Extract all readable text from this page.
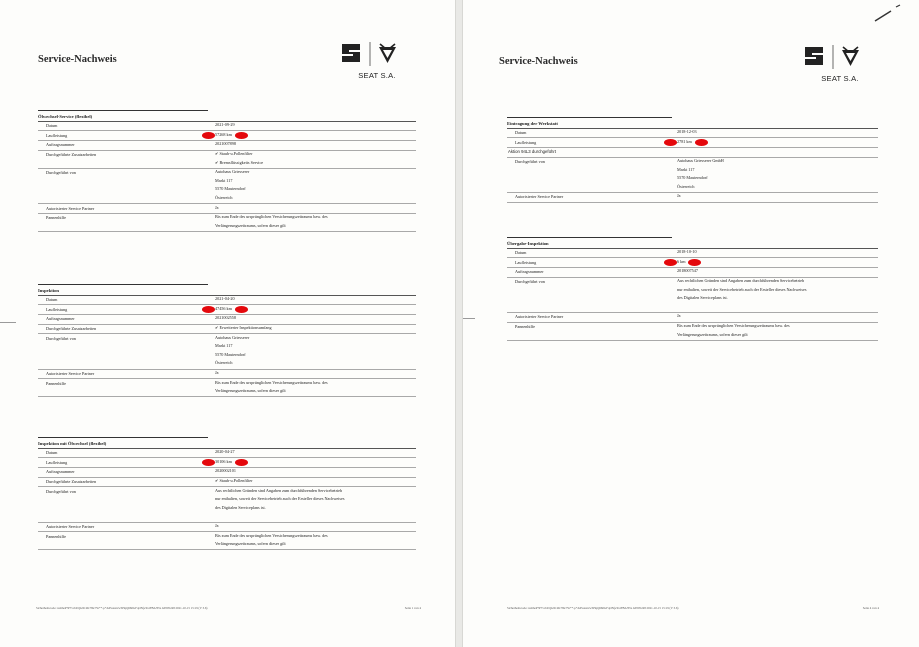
Service-Nachweis
SEAT S.A.
Ölwechsel-Service (flexibel)
Datum	2021-09-29
Laufleistung	57268 km
Auftragsnummer	2021007898
Durchgeführte Zusatzarbeiten	✔ Staub-u.Pollenfilter
✔ Bremsflüssigkeits Service
Durchgeführt von	Autohaus Griesserer
Markt 117
5570 Mauterndorf
Österreich
Autorisierter Service Partner	Ja
Pannenhilfe	Bis zum Ende des ursprünglichen Versicherungszeitraums bzw. des
Verlängerungszeitraums, sofern dieser gilt
Inspektion
Datum	2021-04-20
Laufleistung	47456 km
Auftragsnummer	2021002558
Durchgeführte Zusatzarbeiten	✔ Erweiterter Inspektionsumfang
Durchgeführt von	Autohaus Griesserer
Markt 117
5570 Mauterndorf
Österreich
Autorisierter Service Partner	Ja
Pannenhilfe	Bis zum Ende des ursprünglichen Versicherungszeitraums bzw. des
Verlängerungszeitraums, sofern dieser gilt
Inspektion mit Ölwechsel (flexibel)
Datum	2020-04-27
Laufleistung	30106 km
Auftragsnummer	2020002101
Durchgeführte Zusatzarbeiten	✔ Staub-u.Pollenfilter
Durchgeführt von	Aus rechtlichen Gründen sind Angaben zum durchführenden Servicebetrieb
nur enthalten, soweit der Servicebetrieb auch der Ersteller dieses Nachweises
des Digitalen Serviceplans ist.
Autorisierter Service Partner	Ja
Pannenhilfe	Bis zum Ende des ursprünglichen Versicherungszeitraums bzw. des
Verlängerungszeitraums, sofern dieser gilt
Sicherheitscode: nohbeP7P7vcbZQG9C2K78ic7Sr**-p*A6SAsnvwSHqQ6h0GFqON(eYoiFBA7Pts AT005248 2021-10-15 15:19 (V 3.6)	Seite 1 von 4
Service-Nachweis
SEAT S.A.
Eintragung der Werkstatt
Datum	2018-12-03
Laufleistung	2781 km
Aktion 94L3 durchgeführt
Durchgeführt von	Autohaus Griesserer GmbH
Markt 117
5570 Mauterndorf
Österreich
Autorisierter Service Partner	Ja
Übergabe-Inspektion
Datum	2018-10-10
Laufleistung	6 km
Auftragsnummer	2018007547
Durchgeführt von	Aus rechtlichen Gründen sind Angaben zum durchführenden Servicebetrieb
nur enthalten, soweit der Servicebetrieb auch der Ersteller dieses Nachweises
des Digitalen Serviceplans ist.
Autorisierter Service Partner	Ja
Pannenhilfe	Bis zum Ende des ursprünglichen Versicherungszeitraums bzw. des
Verlängerungszeitraums, sofern dieser gilt
Sicherheitscode: nohbeP7P7vcbZQG9C2K78ic7Sr**-p*A6SAsnvwSHqQ6h0GFqON(eYoiFBA7Pts AT005248 2021-10-15 15:19 (V 3.6)	Seite 4 von 4
